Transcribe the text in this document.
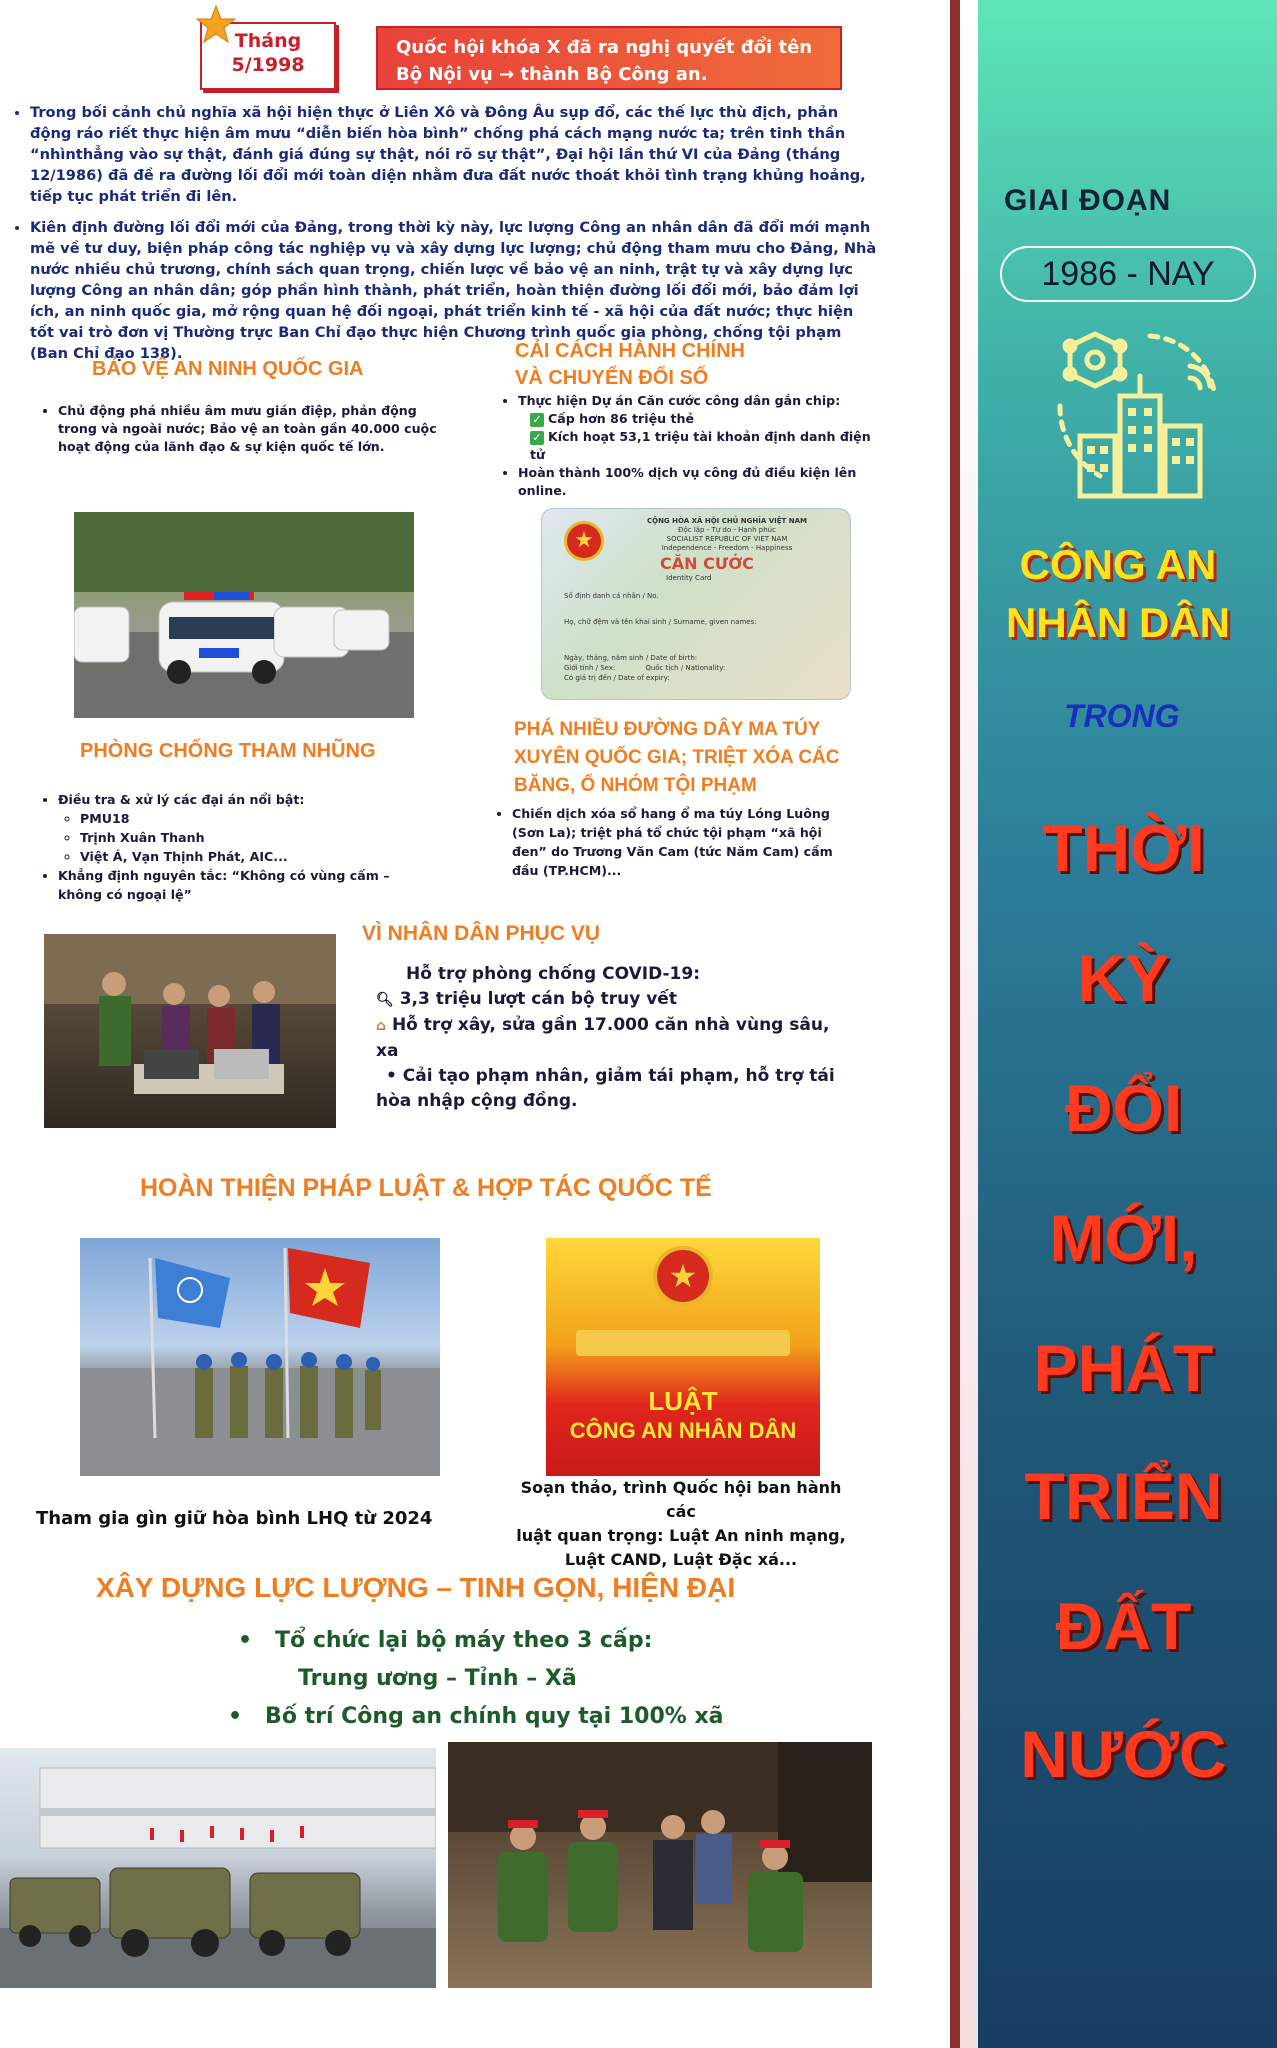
Tháng
5/1998
Quốc hội khóa X đã ra nghị quyết đổi tên
Bộ Nội vụ → thành Bộ Công an.
• Trong bối cảnh chủ nghĩa xã hội hiện thực ở Liên Xô và Đông Âu sụp đổ, các thế lực thù địch, phản động ráo riết thực hiện âm mưu “diễn biến hòa bình” chống phá cách mạng nước ta; trên tinh thần “nhìnthẳng vào sự thật, đánh giá đúng sự thật, nói rõ sự thật”, Đại hội lần thứ VI của Đảng (tháng 12/1986) đã đề ra đường lối đổi mới toàn diện nhằm đưa đất nước thoát khỏi tình trạng khủng hoảng, tiếp tục phát triển đi lên.
• Kiên định đường lối đổi mới của Đảng, trong thời kỳ này, lực lượng Công an nhân dân đã đổi mới mạnh mẽ về tư duy, biện pháp công tác nghiệp vụ và xây dựng lực lượng; chủ động tham mưu cho Đảng, Nhà nước nhiều chủ trương, chính sách quan trọng, chiến lược về bảo vệ an ninh, trật tự và xây dựng lực lượng Công an nhân dân; góp phần hình thành, phát triển, hoàn thiện đường lối đổi mới, bảo đảm lợi ích, an ninh quốc gia, mở rộng quan hệ đối ngoại, phát triển kinh tế - xã hội của đất nước; thực hiện tốt vai trò đơn vị Thường trực Ban Chỉ đạo thực hiện Chương trình quốc gia phòng, chống tội phạm (Ban Chỉ đạo 138).
BẢO VỆ AN NINH QUỐC GIA
• Chủ động phá nhiều âm mưu gián điệp, phản động trong và ngoài nước; Bảo vệ an toàn gần 40.000 cuộc hoạt động của lãnh đạo & sự kiện quốc tế lớn.
CẢI CÁCH HÀNH CHÍNH
VÀ CHUYỂN ĐỔI SỐ
• Thực hiện Dự án Căn cước công dân gắn chip:
✓ Cấp hơn 86 triệu thẻ
✓ Kích hoạt 53,1 triệu tài khoản định danh điện tử
• Hoàn thành 100% dịch vụ công đủ điều kiện lên online.
★
CỘNG HÒA XÃ HỘI CHỦ NGHĨA VIỆT NAM
Độc lập - Tự do - Hạnh phúc
SOCIALIST REPUBLIC OF VIET NAM
Independence - Freedom - Happiness
CĂN CƯỚC
Identity Card
Số định danh cá nhân / No.
Họ, chữ đệm và tên khai sinh / Surname, given names:
Ngày, tháng, năm sinh / Date of birth:
Giới tính / Sex:	Quốc tịch / Nationality:
Có giá trị đến / Date of expiry:
PHÒNG CHỐNG THAM NHŨNG
• Điều tra & xử lý các đại án nổi bật:
◦ PMU18
◦ Trịnh Xuân Thanh
◦ Việt Á, Vạn Thịnh Phát, AIC...
• Khẳng định nguyên tắc: “Không có vùng cấm – không có ngoại lệ”
PHÁ NHIỀU ĐƯỜNG DÂY MA TÚY
XUYÊN QUỐC GIA; TRIỆT XÓA CÁC
BĂNG, Ổ NHÓM TỘI PHẠM
• Chiến dịch xóa sổ hang ổ ma túy Lóng Luông (Sơn La); triệt phá tổ chức tội phạm “xã hội đen” do Trương Văn Cam (tức Năm Cam) cầm đầu (TP.HCM)...
VÌ NHÂN DÂN PHỤC VỤ
Hỗ trợ phòng chống COVID-19:
🔍︎ 3,3 triệu lượt cán bộ truy vết
⌂ Hỗ trợ xây, sửa gần 17.000 căn nhà vùng sâu, xa
• Cải tạo phạm nhân, giảm tái phạm, hỗ trợ tái hòa nhập cộng đồng.
HOÀN THIỆN PHÁP LUẬT & HỢP TÁC QUỐC TẾ
★
LUẬT
CÔNG AN NHÂN DÂN
Tham gia gìn giữ hòa bình LHQ từ 2024
Soạn thảo, trình Quốc hội ban hành các
luật quan trọng: Luật An ninh mạng,
Luật CAND, Luật Đặc xá...
XÂY DỰNG LỰC LƯỢNG – TINH GỌN, HIỆN ĐẠI
•   Tổ chức lại bộ máy theo 3 cấp:
Trung ương – Tỉnh – Xã
•   Bố trí Công an chính quy tại 100% xã
GIAI ĐOẠN
1986 - NAY
CÔNG AN
NHÂN DÂN
TRONG
THỜI
KỲ
ĐỔI
MỚI,
PHÁT
TRIỂN
ĐẤT
NƯỚC
